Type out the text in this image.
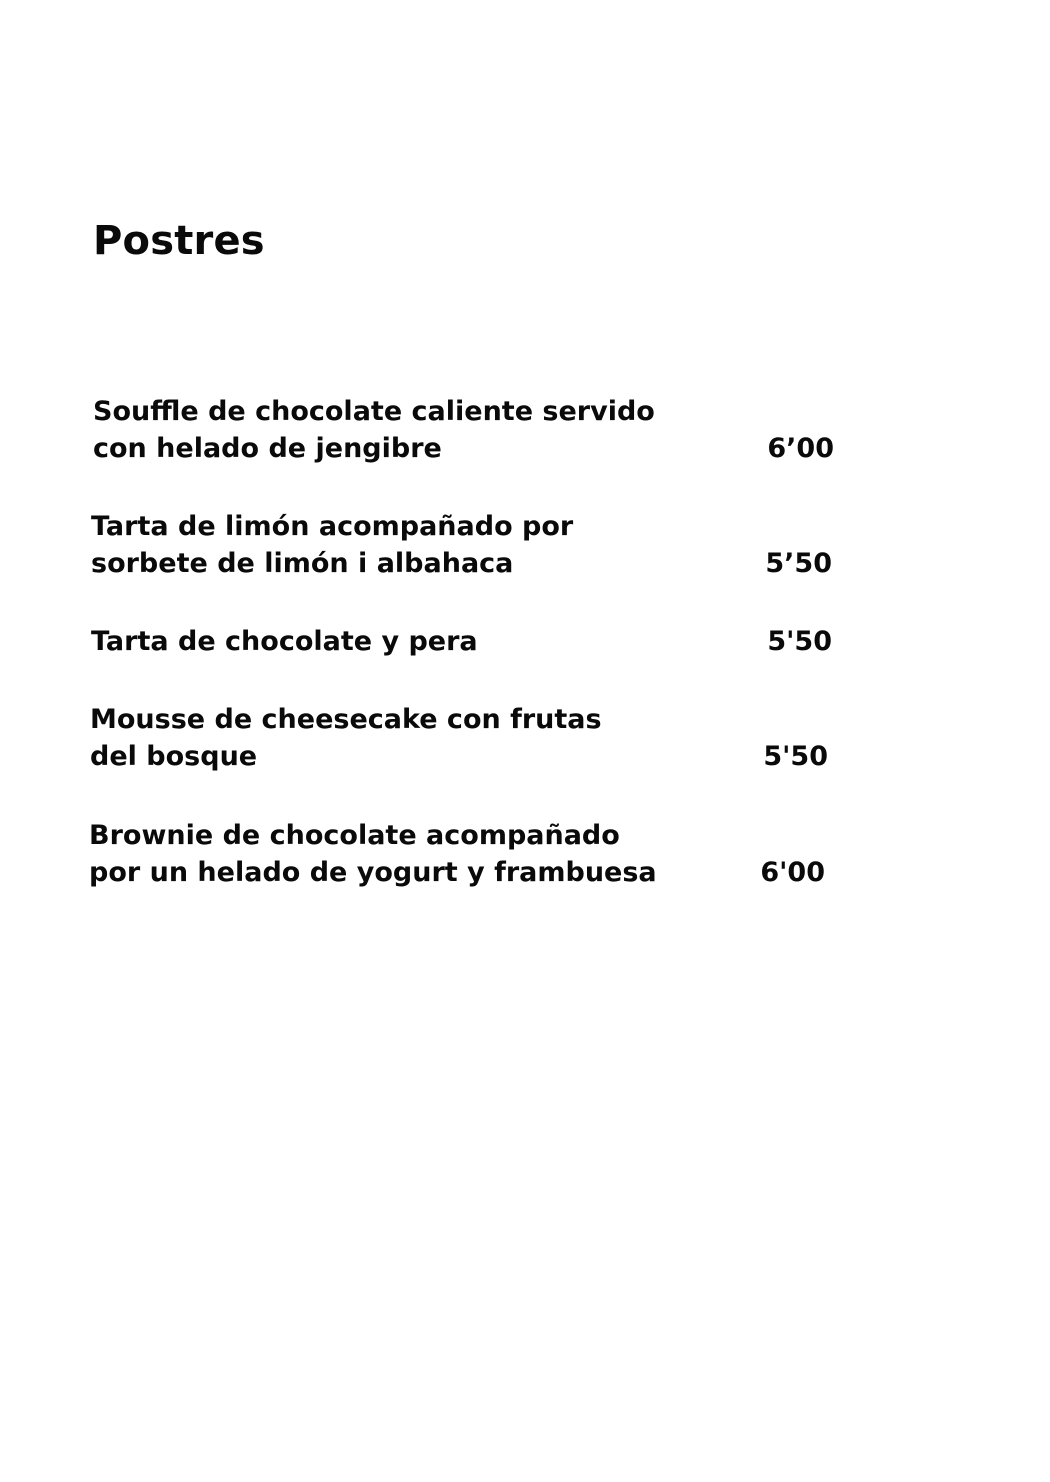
Postres
Souffle de chocolate caliente servido
con helado de jengibre	6’00
Tarta de limón acompañado por
sorbete de limón i albahaca	5’50
Tarta de chocolate y pera	5'50
Mousse de cheesecake con frutas
del bosque	5'50
Brownie de chocolate acompañado
por un helado de yogurt y frambuesa	6'00
